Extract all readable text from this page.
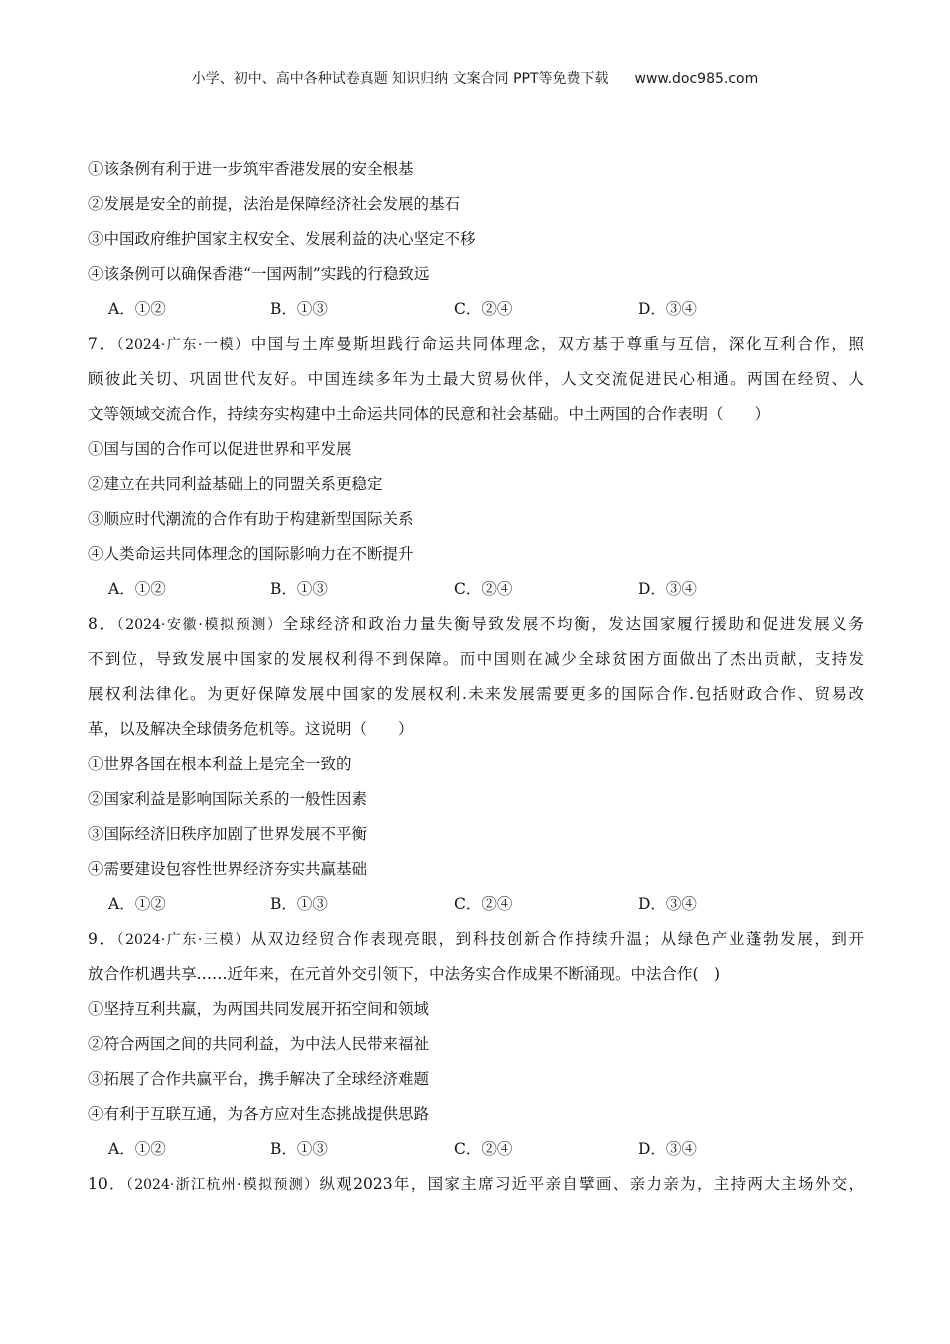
小学、初中、高中各种试卷真题 知识归纳 文案合同 PPT等免费下载 www.doc985.com
①该条例有利于进一步筑牢香港发展的安全根基
②发展是安全的前提，法治是保障经济社会发展的基石
③中国政府维护国家主权安全、发展利益的决心坚定不移
④该条例可以确保香港“一国两制”实践的行稳致远
A．①②	B．①③	C．②④	D．③④
7．（2024·广东·一模）中国与土库曼斯坦践行命运共同体理念，双方基于尊重与互信，深化互利合作，照
顾彼此关切、巩固世代友好。中国连续多年为土最大贸易伙伴，人文交流促进民心相通。两国在经贸、人
文等领域交流合作，持续夯实构建中土命运共同体的民意和社会基础。中土两国的合作表明（　　）
①国与国的合作可以促进世界和平发展
②建立在共同利益基础上的同盟关系更稳定
③顺应时代潮流的合作有助于构建新型国际关系
④人类命运共同体理念的国际影响力在不断提升
A．①②	B．①③	C．②④	D．③④
8．（2024·安徽·模拟预测）全球经济和政治力量失衡导致发展不均衡，发达国家履行援助和促进发展义务
不到位，导致发展中国家的发展权利得不到保障。而中国则在减少全球贫困方面做出了杰出贡献，支持发
展权利法律化。为更好保障发展中国家的发展权利.未来发展需要更多的国际合作.包括财政合作、贸易改
革，以及解决全球债务危机等。这说明（　　）
①世界各国在根本利益上是完全一致的
②国家利益是影响国际关系的一般性因素
③国际经济旧秩序加剧了世界发展不平衡
④需要建设包容性世界经济夯实共赢基础
A．①②	B．①③	C．②④	D．③④
9．（2024·广东·三模）从双边经贸合作表现亮眼，到科技创新合作持续升温；从绿色产业蓬勃发展，到开
放合作机遇共享……近年来，在元首外交引领下，中法务实合作成果不断涌现。中法合作(　)
①坚持互利共赢，为两国共同发展开拓空间和领域
②符合两国之间的共同利益，为中法人民带来福祉
③拓展了合作共赢平台，携手解决了全球经济难题
④有利于互联互通，为各方应对生态挑战提供思路
A．①②	B．①③	C．②④	D．③④
10．（2024·浙江杭州·模拟预测）纵观2023年，国家主席习近平亲自擘画、亲力亲为，主持两大主场外交，
